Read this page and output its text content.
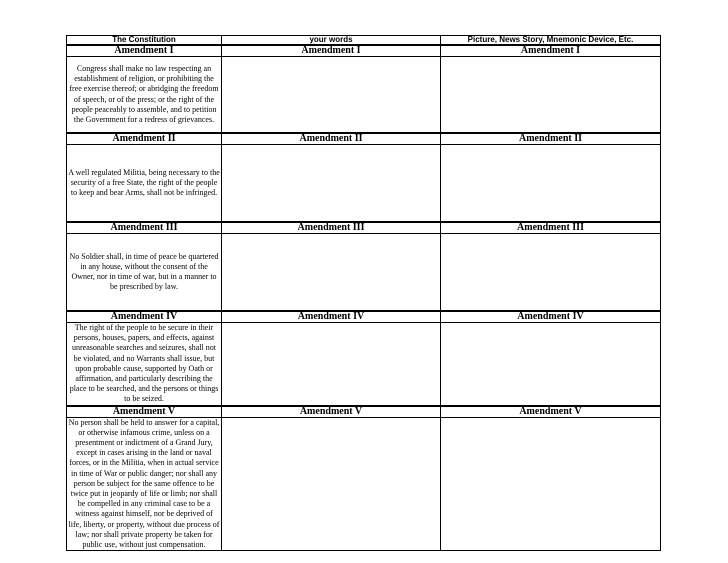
The Constitution	your words	Picture, News Story, Mnemonic Device, Etc.
Amendment I	Amendment I	Amendment I
Congress shall make no law respecting an establishment of religion, or prohibiting the free exercise thereof; or abridging the freedom of speech, or of the press; or the right of the people peaceably to assemble, and to petition the Government for a redress of grievances.		
Amendment II	Amendment II	Amendment II
A well regulated Militia, being necessary to the security of a free State, the right of the people to keep and bear Arms, shall not be infringed.		
Amendment III	Amendment III	Amendment III
No Soldier shall, in time of peace be quartered in any house, without the consent of the Owner, nor in time of war, but in a manner to be prescribed by law.		
Amendment IV	Amendment IV	Amendment IV
The right of the people to be secure in their persons, houses, papers, and effects, against unreasonable searches and seizures, shall not be violated, and no Warrants shall issue, but upon probable cause, supported by Oath or affirmation, and particularly describing the place to be searched, and the persons or things to be seized.		
Amendment V	Amendment V	Amendment V
No person shall be held to answer for a capital, or otherwise infamous crime, unless on a presentment or indictment of a Grand Jury, except in cases arising in the land or naval forces, or in the Militia, when in actual service in time of War or public danger; nor shall any person be subject for the same offence to be twice put in jeopardy of life or limb; nor shall be compelled in any criminal case to be a witness against himself, nor be deprived of life, liberty, or property, without due process of law; nor shall private property be taken for public use, without just compensation.		
